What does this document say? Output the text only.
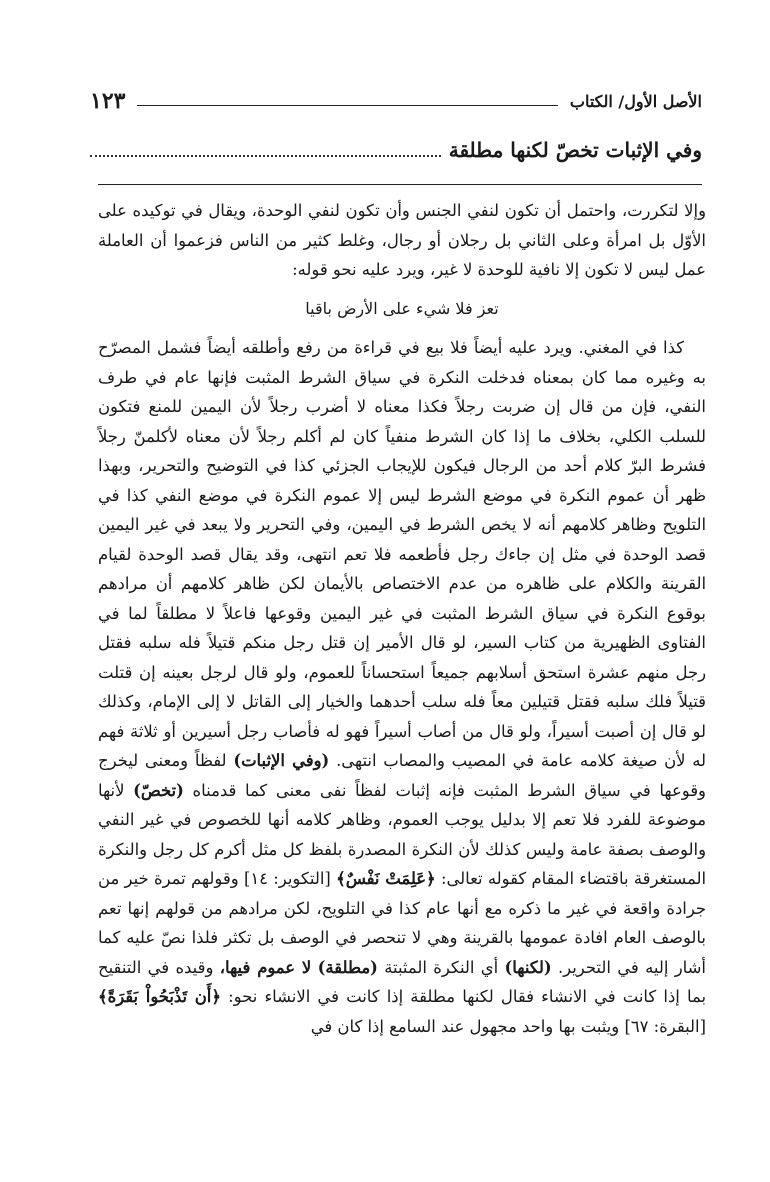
الأصل الأول/ الكتاب
١٢٣
وفي الإثبات تخصّ لكنها مطلقة

وإلا لتكررت، واحتمل أن تكون لنفي الجنس وأن تكون لنفي الوحدة، ويقال في توكيده على الأوّل بل امرأة وعلى الثاني بل رجلان أو رجال، وغلط كثير من الناس فزعموا أن العاملة عمل ليس لا تكون إلا نافية للوحدة لا غير، ويرد عليه نحو قوله:

تعز فلا شيء على الأرض باقيا

كذا في المغني. ويرد عليه أيضاً فلا بيع في قراءة من رفع وأطلقه أيضاً فشمل المصرّح به وغيره مما كان بمعناه فدخلت النكرة في سياق الشرط المثبت فإنها عام في طرف النفي، فإن من قال إن ضربت رجلاً فكذا معناه لا أضرب رجلاً لأن اليمين للمنع فتكون للسلب الكلي، بخلاف ما إذا كان الشرط منفياً كان لم أكلم رجلاً لأن معناه لأكلمنّ رجلاً فشرط البرّ كلام أحد من الرجال فيكون للإيجاب الجزئي كذا في التوضيح والتحرير، وبهذا ظهر أن عموم النكرة في موضع الشرط ليس إلا عموم النكرة في موضع النفي كذا في التلويح وظاهر كلامهم أنه لا يخص الشرط في اليمين، وفي التحرير ولا يبعد في غير اليمين قصد الوحدة في مثل إن جاءك رجل فأطعمه فلا تعم انتهى، وقد يقال قصد الوحدة لقيام القرينة والكلام على ظاهره من عدم الاختصاص بالأيمان لكن ظاهر كلامهم أن مرادهم بوقوع النكرة في سياق الشرط المثبت في غير اليمين وقوعها فاعلاً لا مطلقاً لما في الفتاوى الظهيرية من كتاب السير، لو قال الأمير إن قتل رجل منكم قتيلاً فله سلبه فقتل رجل منهم عشرة استحق أسلابهم جميعاً استحساناً للعموم، ولو قال لرجل بعينه إن قتلت قتيلاً فلك سلبه فقتل قتيلين معاً فله سلب أحدهما والخيار إلى القاتل لا إلى الإمام، وكذلك لو قال إن أصبت أسيراً، ولو قال من أصاب أسيراً فهو له فأصاب رجل أسيرين أو ثلاثة فهم له لأن صيغة كلامه عامة في المصيب والمصاب انتهى. (وفي الإثبات) لفظاً ومعنى ليخرج وقوعها في سياق الشرط المثبت فإنه إثبات لفظاً نفى معنى كما قدمناه (تخصّ) لأنها موضوعة للفرد فلا تعم إلا بدليل يوجب العموم، وظاهر كلامه أنها للخصوص في غير النفي والوصف بصفة عامة وليس كذلك لأن النكرة المصدرة بلفظ كل مثل أكرم كل رجل والنكرة المستغرقة باقتضاء المقام كقوله تعالى: ﴿عَلِمَتْ نَفْسٌ﴾ [التكوير: ١٤] وقولهم تمرة خير من جرادة واقعة في غير ما ذكره مع أنها عام كذا في التلويح، لكن مرادهم من قولهم إنها تعم بالوصف العام افادة عمومها بالقرينة وهي لا تنحصر في الوصف بل تكثر فلذا نصّ عليه كما أشار إليه في التحرير. (لكنها) أي النكرة المثبتة (مطلقة) لا عموم فيها، وقيده في التنقيح بما إذا كانت في الانشاء فقال لكنها مطلقة إذا كانت في الانشاء نحو: ﴿أَن تَذْبَحُواْ بَقَرَةً﴾ [البقرة: ٦٧] ويثبت بها واحد مجهول عند السامع إذا كان في
